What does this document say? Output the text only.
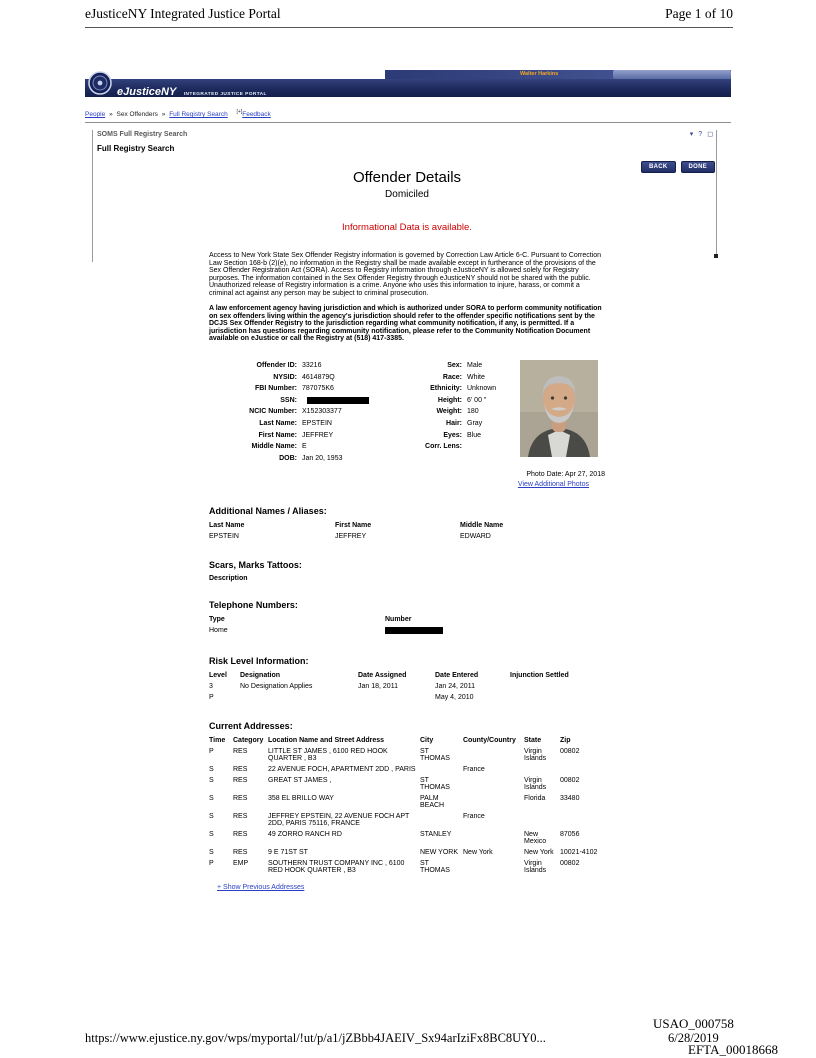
eJusticeNY Integrated Justice Portal	Page 1 of 10
Walter Harkins
eJusticeNY INTEGRATED JUSTICE PORTAL
People » Sex Offenders » Full Registry Search [+]Feedback
SOMS Full Registry Search	▾ ? ◻
Full Registry Search
BACK	DONE
Offender Details
Domiciled
Informational Data is available.

Access to New York State Sex Offender Registry information is governed by Correction Law Article 6-C. Pursuant to Correction Law Section 168-b (2)(e), no information in the Registry shall be made available except in furtherance of the provisions of the Sex Offender Registration Act (SORA). Access to Registry information through eJusticeNY is allowed solely for Registry purposes. The information contained in the Sex Offender Registry through eJusticeNY should not be shared with the public. Unauthorized release of Registry information is a crime. Anyone who uses this information to injure, harass, or commit a criminal act against any person may be subject to criminal prosecution.

A law enforcement agency having jurisdiction and which is authorized under SORA to perform community notification on sex offenders living within the agency's jurisdiction should refer to the offender specific notifications sent by the DCJS Sex Offender Registry to the jurisdiction regarding what community notification, if any, is permitted. If a jurisdiction has questions regarding community notification, please refer to the Community Notification Document available on eJustice or call the Registry at (518) 417-3385.

Offender ID: 33216
NYSID: 4614879Q
FBI Number: 787075K6
SSN:
NCIC Number: X152303377
Last Name: EPSTEIN
First Name: JEFFREY
Middle Name: E
DOB: Jan 20, 1953
Sex: Male
Race: White
Ethnicity: Unknown
Height: 6' 00 "
Weight: 180
Hair: Gray
Eyes: Blue
Corr. Lens:
Photo Date: Apr 27, 2018
View Additional Photos
Additional Names / Aliases:
Last Name	First Name	Middle Name
EPSTEIN	JEFFREY	EDWARD
Scars, Marks Tattoos:
Description
Telephone Numbers:
Type	Number
Home	
Risk Level Information:
Level	Designation	Date Assigned	Date Entered	Injunction Settled
3	No Designation Applies	Jan 18, 2011	Jan 24, 2011	
P			May 4, 2010	
Current Addresses:
Time	Category	Location Name and Street Address	City	County/Country	State	Zip
P	RES	LITTLE ST JAMES , 6100 RED HOOK QUARTER , B3	ST THOMAS		Virgin Islands	00802
S	RES	22 AVENUE FOCH, APARTMENT 2DD , PARIS		France		
S	RES	GREAT ST JAMES ,	ST THOMAS		Virgin Islands	00802
S	RES	358 EL BRILLO WAY	PALM BEACH		Florida	33480
S	RES	JEFFREY EPSTEIN, 22 AVENUE FOCH APT 2DD, PARIS 75116, FRANCE		France		
S	RES	49 ZORRO RANCH RD	STANLEY		New Mexico	87056
S	RES	9 E 71ST ST	NEW YORK	New York	New York	10021-4102
P	EMP	SOUTHERN TRUST COMPANY INC , 6100 RED HOOK QUARTER , B3	ST THOMAS		Virgin Islands	00802
+ Show Previous Addresses
USAO_000758
https://www.ejustice.ny.gov/wps/myportal/!ut/p/a1/jZBbb4JAEIV_Sx94arIziFx8BC8UY0...	6/28/2019
EFTA_00018668
